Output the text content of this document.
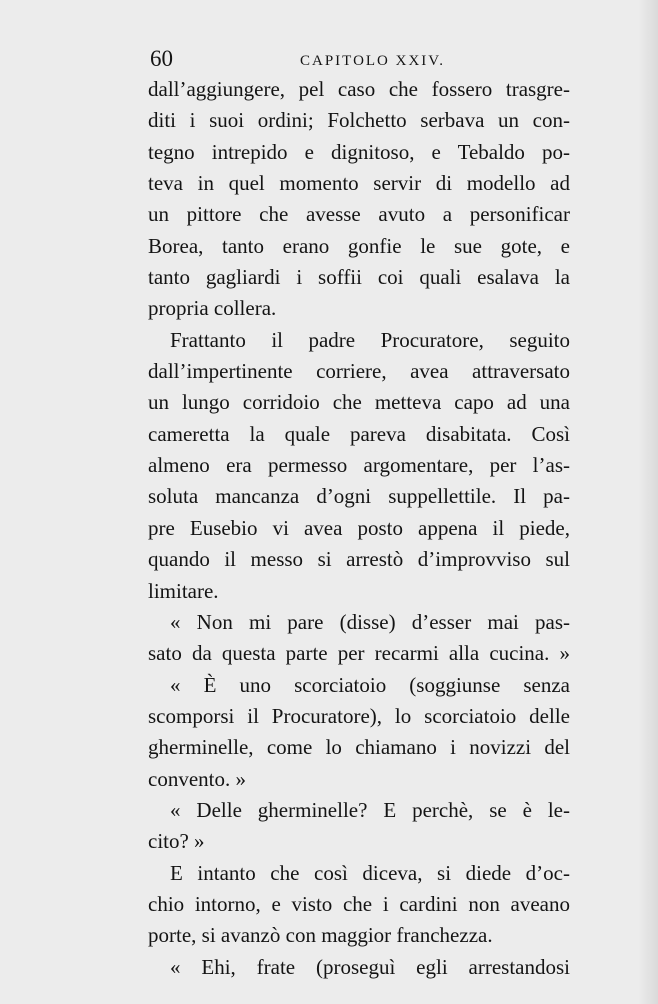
60	CAPITOLO XXIV.
dall’aggiungere, pel caso che fossero trasgre-
diti i suoi ordini; Folchetto serbava un con-
tegno intrepido e dignitoso, e Tebaldo po-
teva in quel momento servir di modello ad
un pittore che avesse avuto a personificar
Borea, tanto erano gonfie le sue gote, e
tanto gagliardi i soffii coi quali esalava la
propria collera.
Frattanto il padre Procuratore, seguito
dall’impertinente corriere, avea attraversato
un lungo corridoio che metteva capo ad una
cameretta la quale pareva disabitata. Così
almeno era permesso argomentare, per l’as-
soluta mancanza d’ogni suppellettile. Il pa-
pre Eusebio vi avea posto appena il piede,
quando il messo si arrestò d’improvviso sul
limitare.
« Non mi pare (disse) d’esser mai pas-
sato da questa parte per recarmi alla cucina. »
« È uno scorciatoio (soggiunse senza
scomporsi il Procuratore), lo scorciatoio delle
gherminelle, come lo chiamano i novizzi del
convento. »
« Delle gherminelle? E perchè, se è le-
cito? »
E intanto che così diceva, si diede d’oc-
chio intorno, e visto che i cardini non aveano
porte, si avanzò con maggior franchezza.
« Ehi, frate (proseguì egli arrestandosi
